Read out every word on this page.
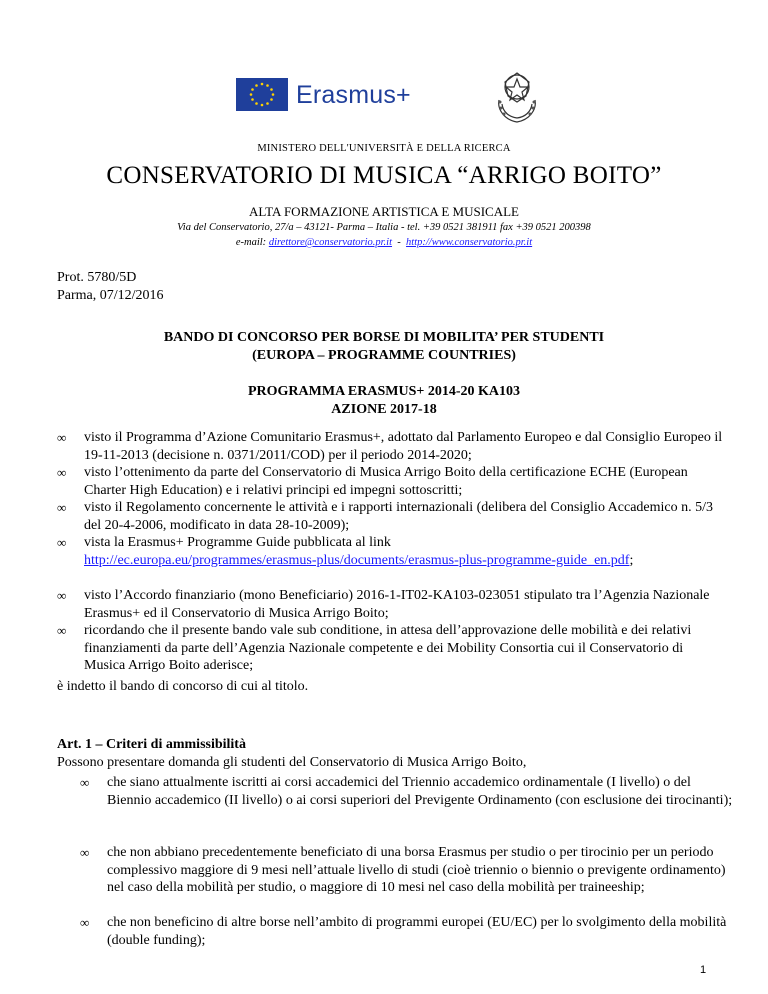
Erasmus+
MINISTERO DELL'UNIVERSITÀ E DELLA RICERCA
CONSERVATORIO DI MUSICA “ARRIGO BOITO”
ALTA FORMAZIONE ARTISTICA E MUSICALE
Via del Conservatorio, 27/a – 43121- Parma – Italia - tel. +39 0521 381911 fax +39 0521 200398
e-mail: direttore@conservatorio.pr.it  -  http://www.conservatorio.pr.it
Prot. 5780/5D
Parma, 07/12/2016
BANDO DI CONCORSO PER BORSE DI MOBILITA’ PER STUDENTI
(EUROPA – PROGRAMME COUNTRIES)
PROGRAMMA ERASMUS+ 2014-20 KA103
AZIONE 2017-18
∞ visto il Programma d’Azione Comunitario Erasmus+, adottato dal Parlamento Europeo e dal Consiglio Europeo il 19-11-2013 (decisione n. 0371/2011/COD) per il periodo 2014-2020;
∞ visto l’ottenimento da parte del Conservatorio di Musica Arrigo Boito della certificazione ECHE (European Charter High Education) e i relativi principi ed impegni sottoscritti;
∞ visto il Regolamento concernente le attività e i rapporti internazionali (delibera del Consiglio Accademico n. 5/3 del 20-4-2006, modificato in data 28-10-2009);
∞ vista la Erasmus+ Programme Guide pubblicata al link
http://ec.europa.eu/programmes/erasmus-plus/documents/erasmus-plus-programme-guide_en.pdf;
∞ visto l’Accordo finanziario (mono Beneficiario) 2016-1-IT02-KA103-023051 stipulato tra l’Agenzia Nazionale Erasmus+ ed il Conservatorio di Musica Arrigo Boito;
∞ ricordando che il presente bando vale sub conditione, in attesa dell’approvazione delle mobilità e dei relativi finanziamenti da parte dell’Agenzia Nazionale competente e dei Mobility Consortia cui il Conservatorio di Musica Arrigo Boito aderisce;
è indetto il bando di concorso di cui al titolo.
Art. 1 – Criteri di ammissibilità
Possono presentare domanda gli studenti del Conservatorio di Musica Arrigo Boito,
∞ che siano attualmente iscritti ai corsi accademici del Triennio accademico ordinamentale (I livello) o del Biennio accademico (II livello) o ai corsi superiori del Previgente Ordinamento (con esclusione dei tirocinanti);
∞ che non abbiano precedentemente beneficiato di una borsa Erasmus per studio o per tirocinio per un periodo complessivo maggiore di 9 mesi nell’attuale livello di studi (cioè triennio o biennio o previgente ordinamento) nel caso della mobilità per studio, o maggiore di 10 mesi nel caso della mobilità per traineeship;
∞ che non beneficino di altre borse nell’ambito di programmi europei (EU/EC) per lo svolgimento della mobilità (double funding);
1
